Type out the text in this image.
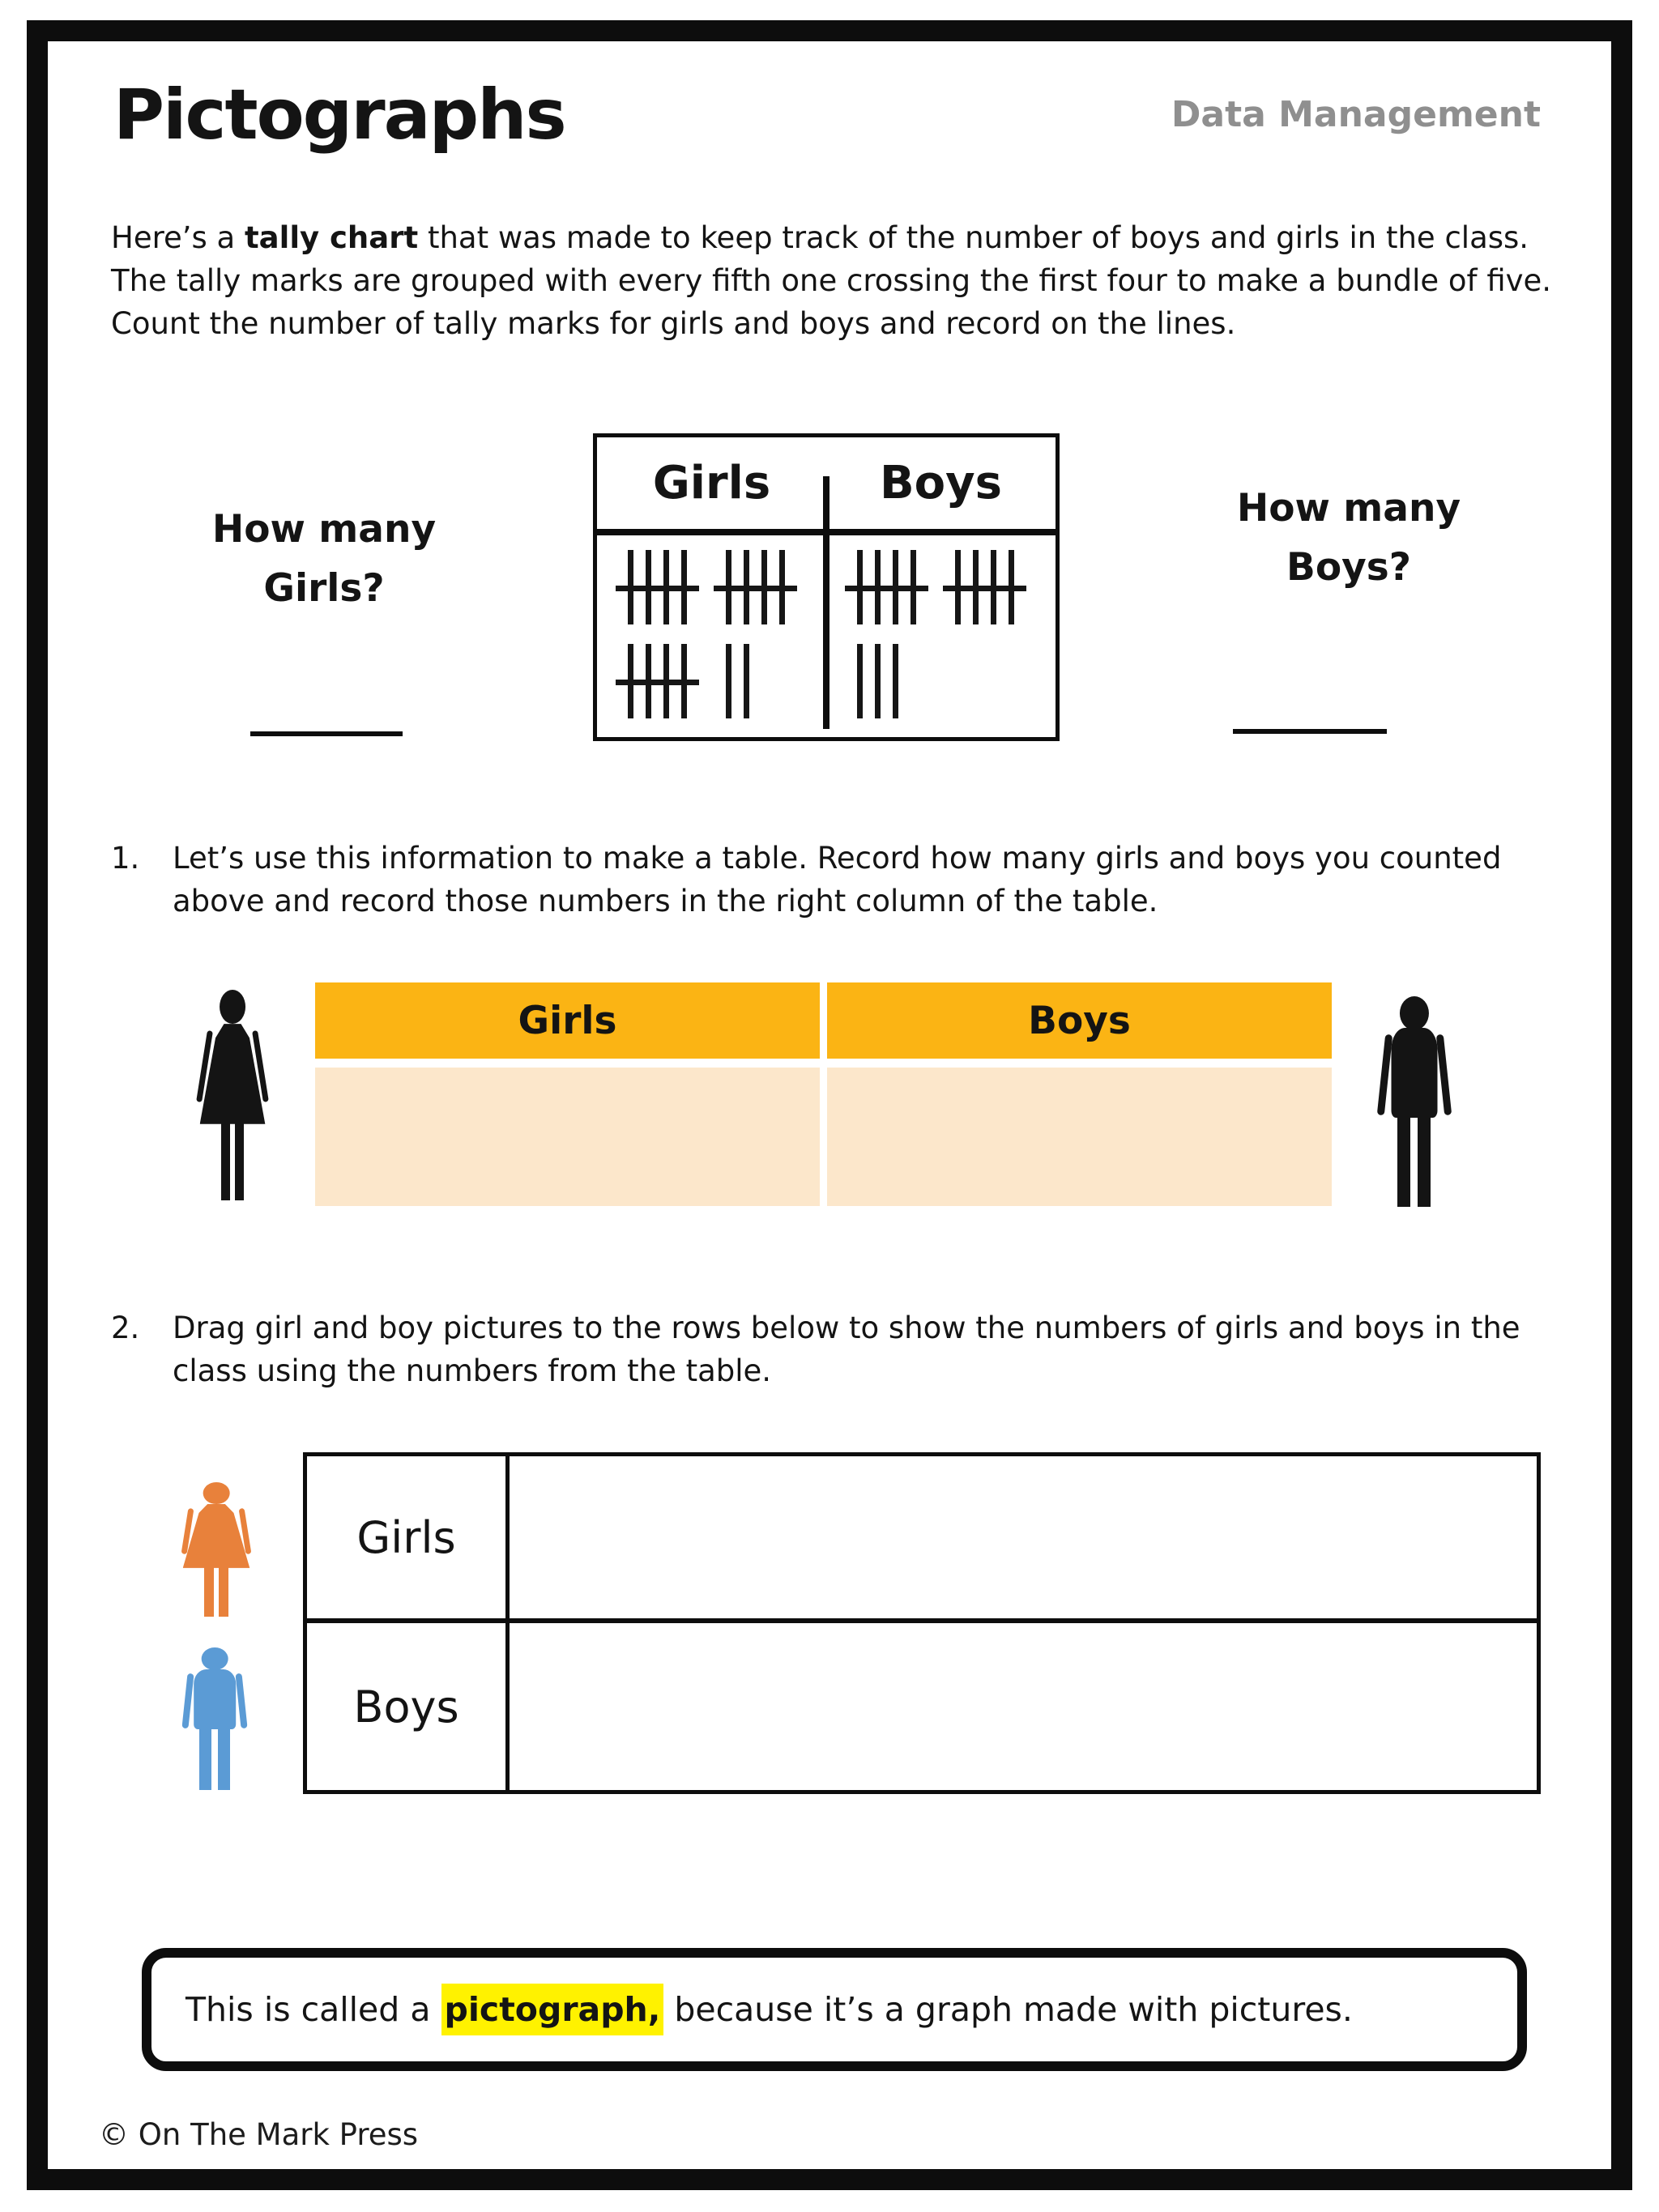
Pictographs	Data Management
Here’s a tally chart that was made to keep track of the number of boys and girls in the class. The tally marks are grouped with every fifth one crossing the first four to make a bundle of five. Count the number of tally marks for girls and boys and record on the lines.
Girls	Boys
How many
Girls?
How many
Boys?
1.	Let’s use this information to make a table. Record how many girls and boys you counted above and record those numbers in the right column of the table.
Girls	Boys
2.	Drag girl and boy pictures to the rows below to show the numbers of girls and boys in the class using the numbers from the table.
Girls
Boys
This is called a pictograph, because it’s a graph made with pictures.
© On The Mark Press
